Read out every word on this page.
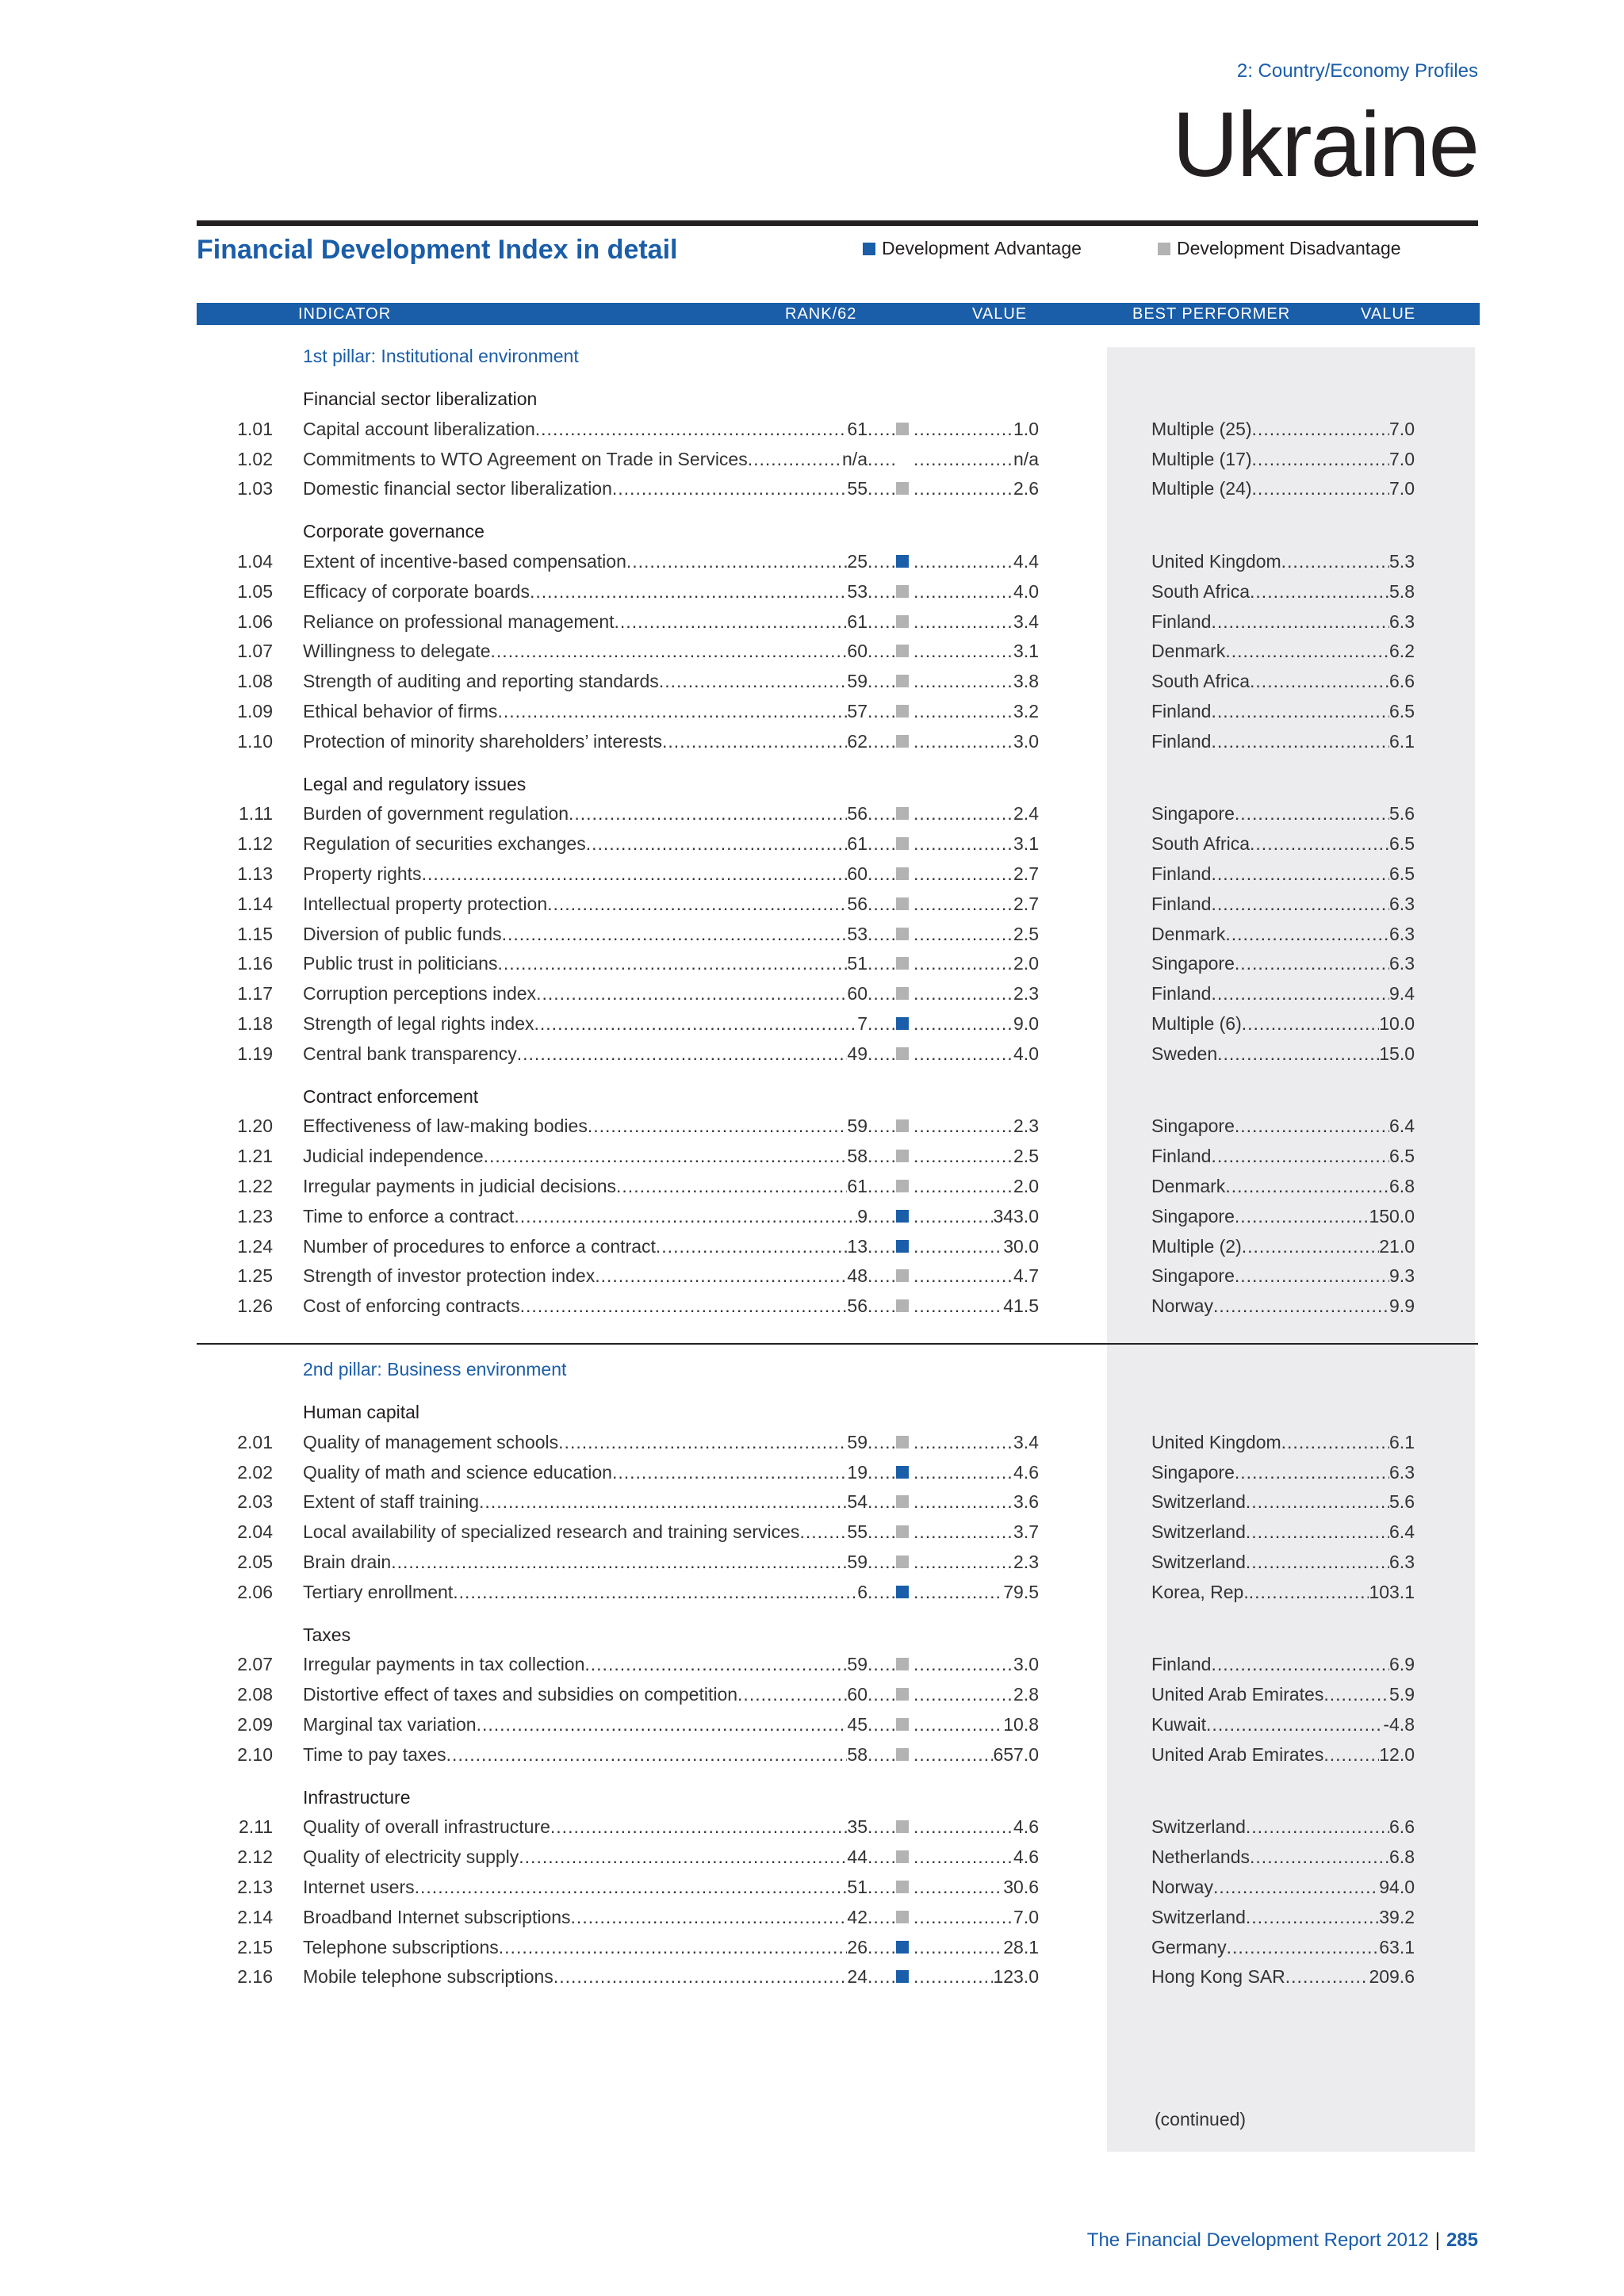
2: Country/Economy Profiles
Ukraine
Financial Development Index in detail	Development
Advantage	Development
Disadvantage
INDICATOR	RANK/62	VALUE	BEST PERFORMER	VALUE
1st pillar: Institutional environment
Financial sector liberalization
1.01 Capital account liberalization .....	61 ..... .....	1.0	Multiple (25) .....	7.0
1.02 Commitments to WTO Agreement on Trade in Services .....	n/a ..... .....	n/a	Multiple (17) .....	7.0
1.03 Domestic financial sector liberalization .....	55 ..... .....	2.6	Multiple (24) .....	7.0
Corporate governance
1.04 Extent of incentive-based compensation .....	25 ..... .....	4.4	United Kingdom .....	5.3
1.05 Efficacy of corporate boards .....	53 ..... .....	4.0	South Africa .....	5.8
1.06 Reliance on professional management .....	61 ..... .....	3.4	Finland .....	6.3
1.07 Willingness to delegate .....	60 ..... .....	3.1	Denmark .....	6.2
1.08 Strength of auditing and reporting standards .....	59 ..... .....	3.8	South Africa .....	6.6
1.09 Ethical behavior of firms .....	57 ..... .....	3.2	Finland .....	6.5
1.10 Protection of minority shareholders’ interests .....	62 ..... .....	3.0	Finland .....	6.1
Legal and regulatory issues
1.11 Burden of government regulation .....	56 ..... .....	2.4	Singapore .....	5.6
1.12 Regulation of securities exchanges .....	61 ..... .....	3.1	South Africa .....	6.5
1.13 Property rights .....	60 ..... .....	2.7	Finland .....	6.5
1.14 Intellectual property protection .....	56 ..... .....	2.7	Finland .....	6.3
1.15 Diversion of public funds .....	53 ..... .....	2.5	Denmark .....	6.3
1.16 Public trust in politicians .....	51 ..... .....	2.0	Singapore .....	6.3
1.17 Corruption perceptions index .....	60 ..... .....	2.3	Finland .....	9.4
1.18 Strength of legal rights index .....	7 ..... .....	9.0	Multiple (6) .....	10.0
1.19 Central bank transparency .....	49 ..... .....	4.0	Sweden .....	15.0
Contract enforcement
1.20 Effectiveness of law-making bodies .....	59 ..... .....	2.3	Singapore .....	6.4
1.21 Judicial independence .....	58 ..... .....	2.5	Finland .....	6.5
1.22 Irregular payments in judicial decisions .....	61 ..... .....	2.0	Denmark .....	6.8
1.23 Time to enforce a contract .....	9 ..... .....	343.0	Singapore .....	150.0
1.24 Number of procedures to enforce a contract .....	13 ..... .....	30.0	Multiple (2) .....	21.0
1.25 Strength of investor protection index .....	48 ..... .....	4.7	Singapore .....	9.3
1.26 Cost of enforcing contracts .....	56 ..... .....	41.5	Norway .....	9.9
2nd pillar: Business environment
Human capital
2.01 Quality of management schools .....	59 ..... .....	3.4	United Kingdom .....	6.1
2.02 Quality of math and science education .....	19 ..... .....	4.6	Singapore .....	6.3
2.03 Extent of staff training .....	54 ..... .....	3.6	Switzerland .....	5.6
2.04 Local availability of specialized research and training services .....	55 ..... .....	3.7	Switzerland .....	6.4
2.05 Brain drain .....	59 ..... .....	2.3	Switzerland .....	6.3
2.06 Tertiary enrollment .....	6 ..... .....	79.5	Korea, Rep. .....	103.1
Taxes
2.07 Irregular payments in tax collection .....	59 ..... .....	3.0	Finland .....	6.9
2.08 Distortive effect of taxes and subsidies on competition .....	60 ..... .....	2.8	United Arab Emirates .....	5.9
2.09 Marginal tax variation .....	45 ..... .....	10.8	Kuwait .....	-4.8
2.10 Time to pay taxes .....	58 ..... .....	657.0	United Arab Emirates .....	12.0
Infrastructure
2.11 Quality of overall infrastructure .....	35 ..... .....	4.6	Switzerland .....	6.6
2.12 Quality of electricity supply .....	44 ..... .....	4.6	Netherlands .....	6.8
2.13 Internet users .....	51 ..... .....	30.6	Norway .....	94.0
2.14 Broadband Internet subscriptions .....	42 ..... .....	7.0	Switzerland .....	39.2
2.15 Telephone subscriptions .....	26 ..... .....	28.1	Germany .....	63.1
2.16 Mobile telephone subscriptions .....	24 ..... .....	123.0	Hong Kong SAR .....	209.6
(continued)
The Financial Development Report 2012 | 285
